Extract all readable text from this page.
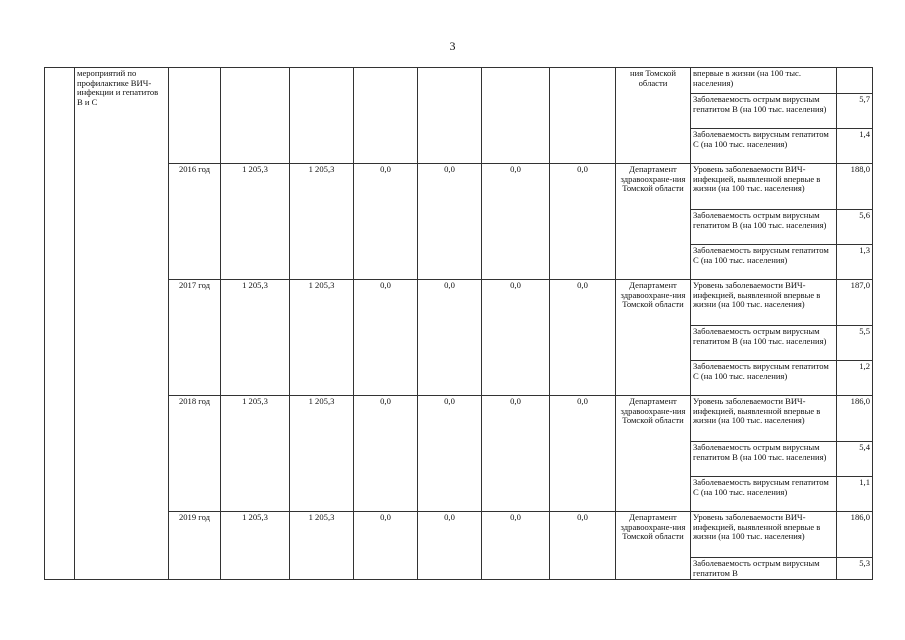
3
	мероприятий по профилактике ВИЧ-инфекции и гепатитов В и С								ния Томской области	впервые в жизни (на 100 тыс. населения)	
										Заболеваемость острым вирусным гепатитом В (на 100 тыс. населения)	5,7
										Заболеваемость вирусным гепатитом С (на 100 тыс. населения)	1,4
		2016 год	1 205,3	1 205,3	0,0	0,0	0,0	0,0	Департамент здравоохране-ния Томской области	Уровень заболеваемости ВИЧ-инфекцией, выявленной впервые в жизни (на 100 тыс. населения)	188,0
										Заболеваемость острым вирусным гепатитом В (на 100 тыс. населения)	5,6
										Заболеваемость вирусным гепатитом С (на 100 тыс. населения)	1,3
		2017 год	1 205,3	1 205,3	0,0	0,0	0,0	0,0	Департамент здравоохране-ния Томской области	Уровень заболеваемости ВИЧ-инфекцией, выявленной впервые в жизни (на 100 тыс. населения)	187,0
										Заболеваемость острым вирусным гепатитом В (на 100 тыс. населения)	5,5
										Заболеваемость вирусным гепатитом С (на 100 тыс. населения)	1,2
		2018 год	1 205,3	1 205,3	0,0	0,0	0,0	0,0	Департамент здравоохране-ния Томской области	Уровень заболеваемости ВИЧ-инфекцией, выявленной впервые в жизни (на 100 тыс. населения)	186,0
										Заболеваемость острым вирусным гепатитом В (на 100 тыс. населения)	5,4
										Заболеваемость вирусным гепатитом С (на 100 тыс. населения)	1,1
		2019 год	1 205,3	1 205,3	0,0	0,0	0,0	0,0	Департамент здравоохране-ния Томской области	Уровень заболеваемости ВИЧ-инфекцией, выявленной впервые в жизни (на 100 тыс. населения)	186,0
										Заболеваемость острым вирусным гепатитом В	5,3
